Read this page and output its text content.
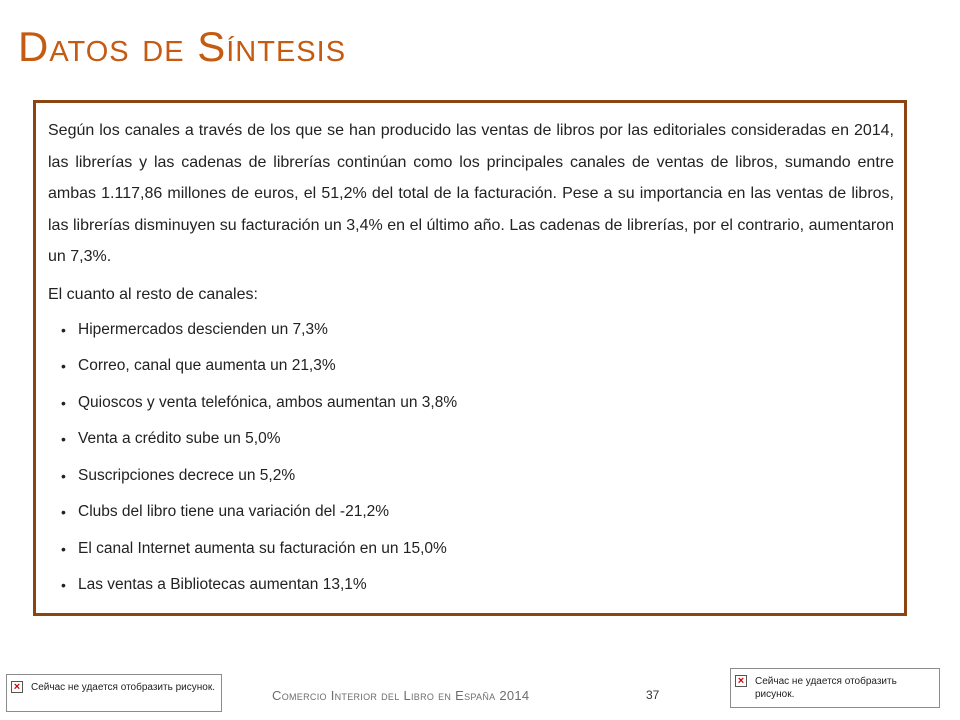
Datos de Síntesis

Según los canales a través de los que se han producido las ventas de libros por las editoriales consideradas en 2014, las librerías y las cadenas de librerías continúan como los principales canales de ventas de libros, sumando entre ambas 1.117,86 millones de euros, el 51,2% del total de la facturación. Pese a su importancia en las ventas de libros, las librerías disminuyen su facturación un 3,4% en el último año. Las cadenas de librerías, por el contrario, aumentaron un 7,3%.

El cuanto al resto de canales:

• Hipermercados descienden un 7,3%
• Correo, canal que aumenta un 21,3%
• Quioscos y venta telefónica, ambos aumentan un 3,8%
• Venta a crédito sube un 5,0%
• Suscripciones decrece un 5,2%
• Clubs del libro tiene una variación del -21,2%
• El canal Internet aumenta su facturación en un 15,0%
• Las ventas a Bibliotecas aumentan 13,1%
× Сейчас не удается отобразить рисунок.
× Сейчас не удается отобразить рисунок.
Comercio Interior del Libro en España 2014	37
